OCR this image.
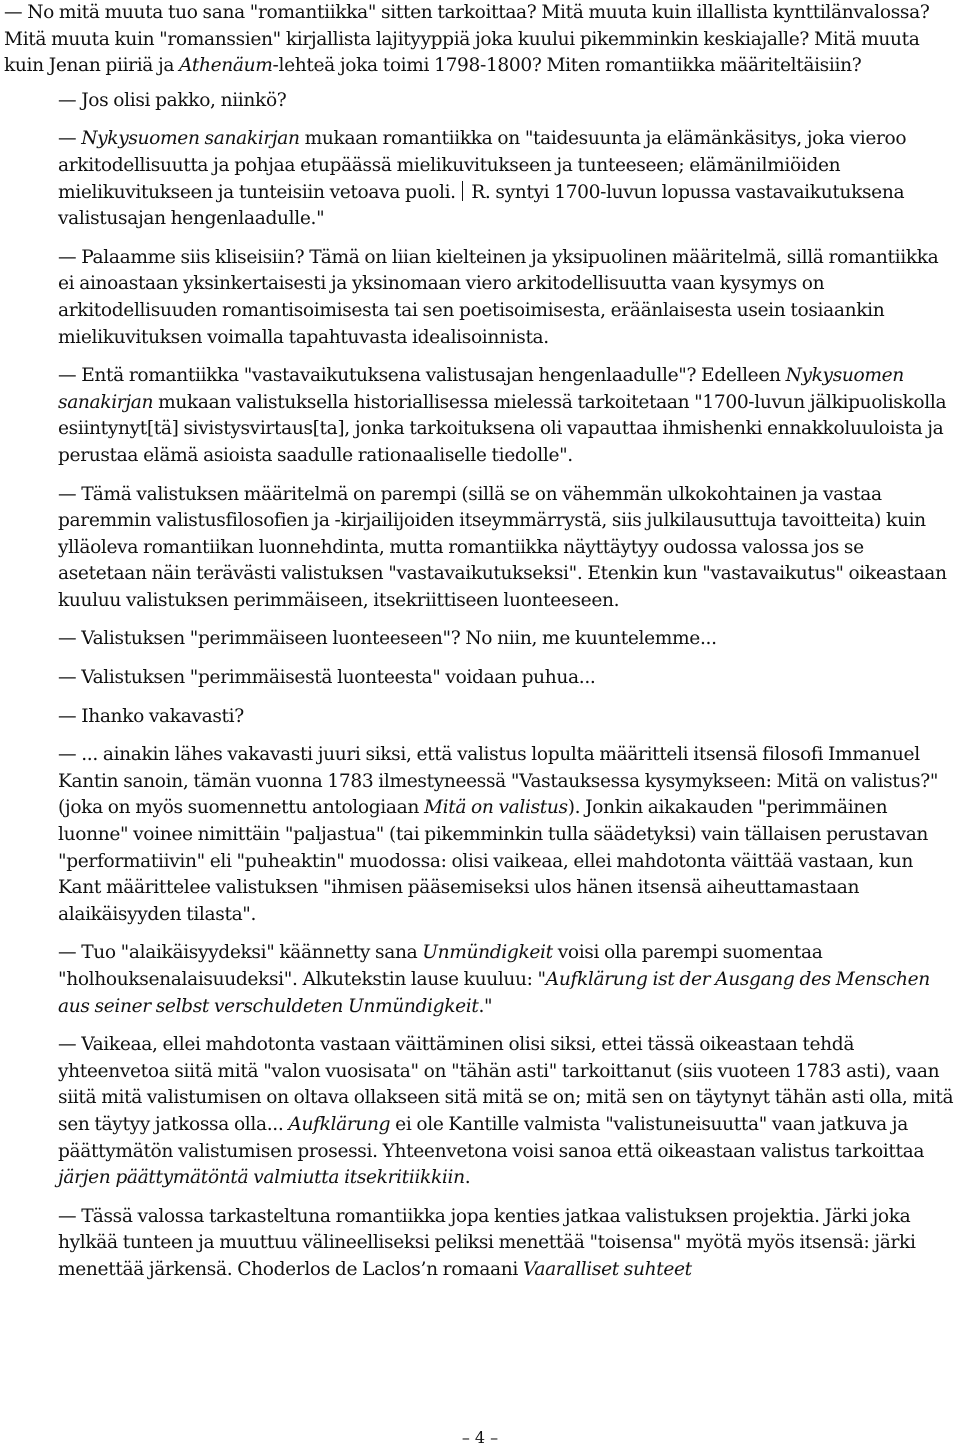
— No mitä muuta tuo sana "romantiikka" sitten tarkoittaa? Mitä muuta kuin illallista kynttilänvalossa? Mitä muuta kuin "romanssien" kirjallista lajityyppiä joka kuului pikemminkin keskiajalle? Mitä muuta kuin Jenan piiriä ja Athenäum-lehteä joka toimi 1798-1800? Miten romantiikka määriteltäisiin?

— Jos olisi pakko, niinkö?

— Nykysuomen sanakirjan mukaan romantiikka on "taidesuunta ja elämänkäsitys, joka vieroo arkitodellisuutta ja pohjaa etupäässä mielikuvitukseen ja tunteeseen; elämänilmiöiden mielikuvitukseen ja tunteisiin vetoava puoli. R. syntyi 1700-luvun lopussa vastavaikutuksena valistusajan hengenlaadulle."

— Palaamme siis kliseisiin? Tämä on liian kielteinen ja yksipuolinen määritelmä, sillä romantiikka ei ainoastaan yksinkertaisesti ja yksinomaan viero arkitodellisuutta vaan kysymys on arkitodellisuuden romantisoimisesta tai sen poetisoimisesta, eräänlaisesta usein tosiaankin mielikuvituksen voimalla tapahtuvasta idealisoinnista.

— Entä romantiikka "vastavaikutuksena valistusajan hengenlaadulle"? Edelleen Nykysuomen sanakirjan mukaan valistuksella historiallisessa mielessä tarkoitetaan "1700-luvun jälkipuoliskolla esiintynyt[tä] sivistysvirtaus[ta], jonka tarkoituksena oli vapauttaa ihmishenki ennakkoluuloista ja perustaa elämä asioista saadulle rationaaliselle tiedolle".

— Tämä valistuksen määritelmä on parempi (sillä se on vähemmän ulkokohtainen ja vastaa paremmin valistusfilosofien ja -kirjailijoiden itseymmärrystä, siis julkilausuttuja tavoitteita) kuin ylläoleva romantiikan luonnehdinta, mutta romantiikka näyttäytyy oudossa valossa jos se asetetaan näin terävästi valistuksen "vastavaikutukseksi". Etenkin kun "vastavaikutus" oikeastaan kuuluu valistuksen perimmäiseen, itsekriittiseen luonteeseen.

— Valistuksen "perimmäiseen luonteeseen"? No niin, me kuuntelemme...

— Valistuksen "perimmäisestä luonteesta" voidaan puhua...

— Ihanko vakavasti?

— ... ainakin lähes vakavasti juuri siksi, että valistus lopulta määritteli itsensä filosofi Immanuel Kantin sanoin, tämän vuonna 1783 ilmestyneessä "Vastauksessa kysymykseen: Mitä on valistus?" (joka on myös suomennettu antologiaan Mitä on valistus). Jonkin aikakauden "perimmäinen luonne" voinee nimittäin "paljastua" (tai pikemminkin tulla säädetyksi) vain tällaisen perustavan "performatiivin" eli "puheaktin" muodossa: olisi vaikeaa, ellei mahdotonta väittää vastaan, kun Kant määrittelee valistuksen "ihmisen pääsemiseksi ulos hänen itsensä aiheuttamastaan alaikäisyyden tilasta".

— Tuo "alaikäisyydeksi" käännetty sana Unmündigkeit voisi olla parempi suomentaa "holhouksenalaisuudeksi". Alkutekstin lause kuuluu: "Aufklärung ist der Ausgang des Menschen aus seiner selbst verschuldeten Unmündigkeit."

— Vaikeaa, ellei mahdotonta vastaan väittäminen olisi siksi, ettei tässä oikeastaan tehdä yhteenvetoa siitä mitä "valon vuosisata" on "tähän asti" tarkoittanut (siis vuoteen 1783 asti), vaan siitä mitä valistumisen on oltava ollakseen sitä mitä se on; mitä sen on täytynyt tähän asti olla, mitä sen täytyy jatkossa olla... Aufklärung ei ole Kantille valmista "valistuneisuutta" vaan jatkuva ja päättymätön valistumisen prosessi. Yhteenvetona voisi sanoa että oikeastaan valistus tarkoittaa järjen päättymätöntä valmiutta itsekritiikkiin.

— Tässä valossa tarkasteltuna romantiikka jopa kenties jatkaa valistuksen projektia. Järki joka hylkää tunteen ja muuttuu välineelliseksi peliksi menettää "toisensa" myötä myös itsensä: järki menettää järkensä. Choderlos de Laclos’n romaani Vaaralliset suhteet

– 4 –
